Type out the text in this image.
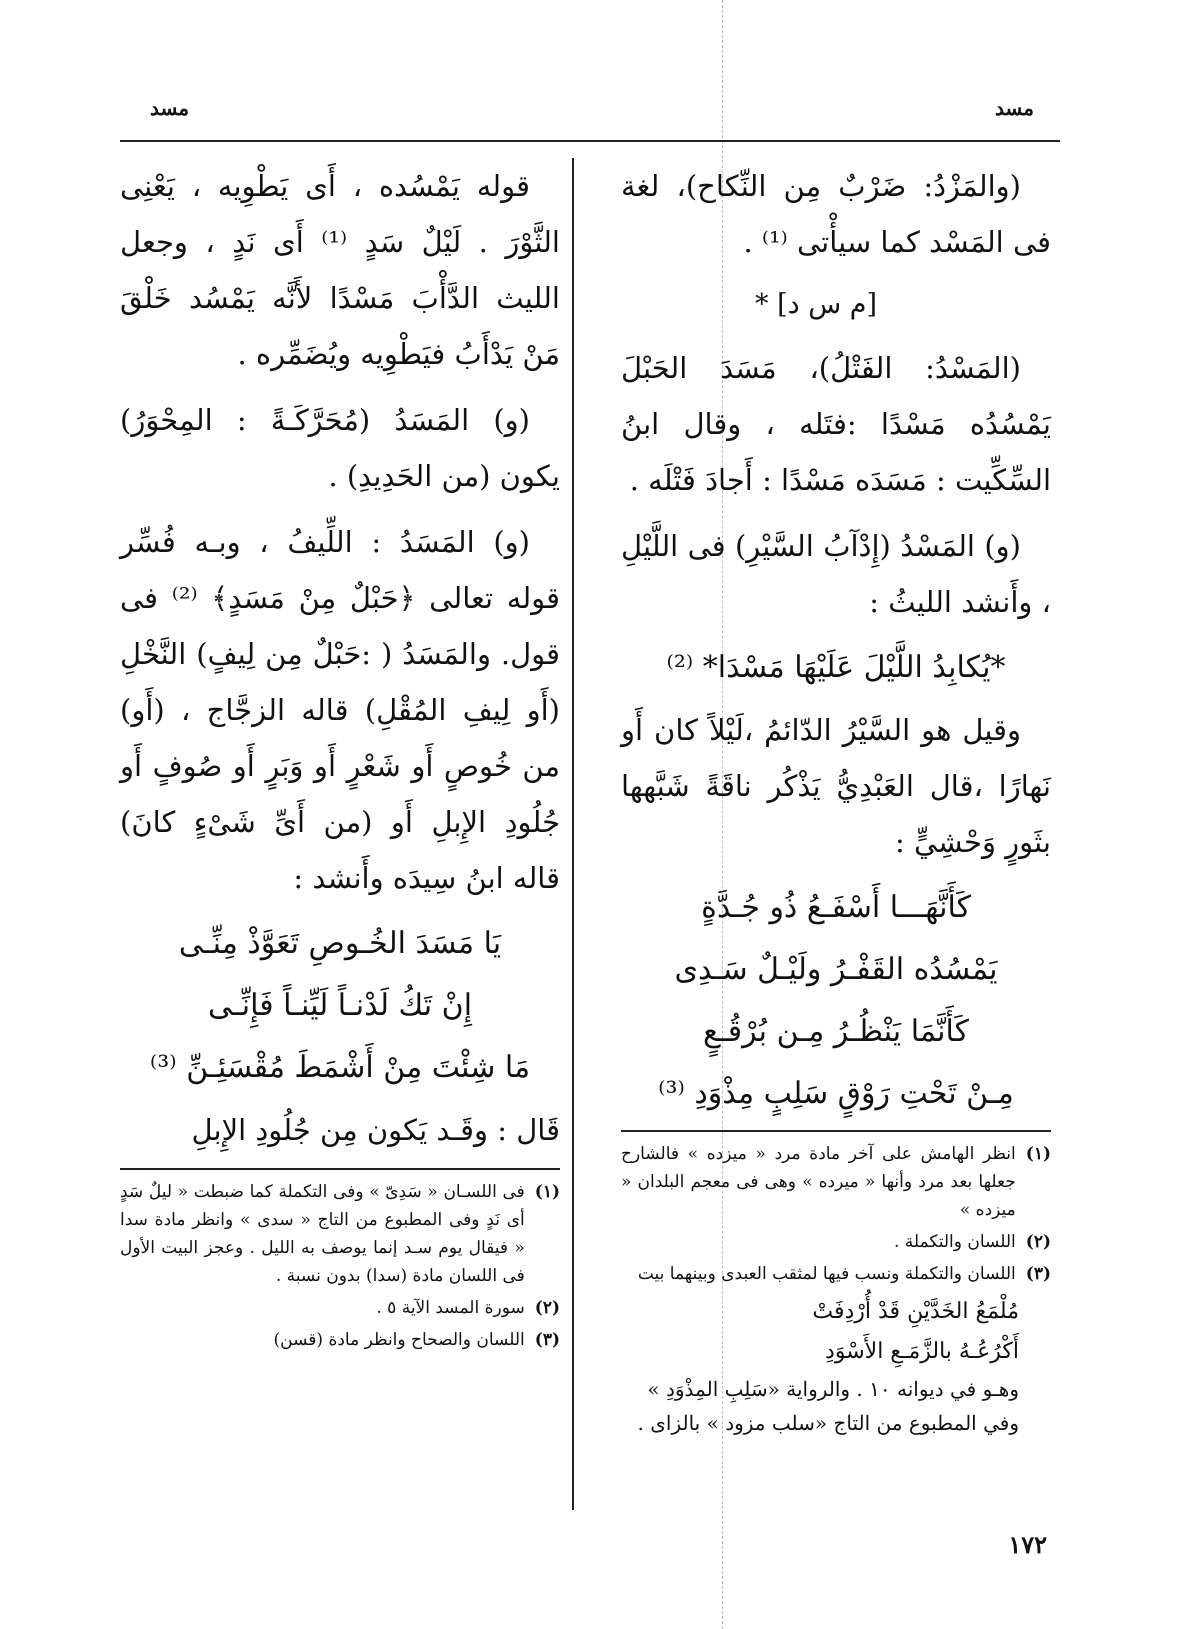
مسد
مسد

(والمَزْدُ: ضَرْبٌ مِن النِّكاح)، لغة فى المَسْد كما سيأْتى ⁽¹⁾ .

[م س د] *

(المَسْدُ: الفَتْلُ)، مَسَدَ الحَبْلَ يَمْسُدُه مَسْدًا :فتَله ، وقال ابنُ السِّكِّيت : مَسَدَه مَسْدًا : أَجادَ فَتْلَه .

(و) المَسْدُ (إِدْآبُ السَّيْرِ) فى اللَّيْلِ ، وأَنشد الليثُ :

*يُكابِدُ اللَّيْلَ عَلَيْهَا مَسْدَا* ⁽²⁾

وقيل هو السَّيْرُ الدّائمُ ،لَيْلاً كان أَو نَهارًا ،قال العَبْدِيُّ يَذْكُر ناقَةً شَبَّهها بثَورٍ وَحْشِيٍّ :

كَأَنَّهَـــا أَسْفَـعُ ذُو جُـدَّةٍ

يَمْسُدُه القَفْـرُ ولَيْـلٌ سَـدِى

كَأَنَّمَا يَنْظُـرُ مِـن بُرْقُـعٍ

مِـنْ تَحْتِ رَوْقٍ سَلِبٍ مِذْوَدِ ⁽³⁾

(١)
انظر الهامش على آخر مادة مرد « ميزده » فالشارح جعلها بعد مرد وأنها « ميرده » وهى فى معجم البلدان « ميزده »
(٢)
اللسان والتكملة .
(٣)
اللسان والتكملة ونسب فيها لمثقب العبدى وبينهما بيت

مُلْمَعُ الخَدَّيْنِ قَدْ أُرْدِفَتْ

أَكْرُعُـهُ بالزَّمَـعِ الأَسْوَدِ

وهـو في ديوانه ١٠ . والرواية «سَلِبِ المِذْوَدِ » وفي المطبوع من التاج «سلب مزود » بالزاى .

قوله يَمْسُده ، أَى يَطْوِيه ، يَعْنِى الثَّوْرَ . لَيْلٌ سَدٍ ⁽¹⁾ أَى نَدٍ ، وجعل الليث الدَّأْبَ مَسْدًا لأَنَّه يَمْسُد خَلْقَ مَنْ يَدْأَبُ فيَطْوِيه ويُضَمِّره .

(و) المَسَدُ (مُحَرَّكَـةً : المِحْوَرُ) يكون (من الحَدِيدِ) .

(و) المَسَدُ : اللِّيفُ ، وبـه فُسِّر قوله تعالى ﴿حَبْلٌ مِنْ مَسَدٍ﴾ ⁽²⁾ فى قول. والمَسَدُ ( :حَبْلٌ مِن لِيفٍ) النَّخْلِ (أَو لِيفِ المُقْلِ) قاله الزجَّاج ، (أَو) من خُوصٍ أَو شَعْرٍ أَو وَبَرٍ أَو صُوفٍ أَو جُلُودِ الإِبلِ أَو (من أَىِّ شَىْءٍ كانَ) قاله ابنُ سِيدَه وأَنشد :

يَا مَسَدَ الخُـوصِ تَعَوَّذْ مِنِّـى

إِنْ تَكُ لَدْنـاً لَيِّنـاً فَإِنِّـى

مَا شِئْتَ مِنْ أَشْمَطَ مُقْسَئِـنِّ ⁽³⁾

قَال : وقَـد يَكون مِن جُلُودِ الإِبلِ

(١)
فى اللسـان « سَدِىّ » وفى التكملة كما ضبطت « ليلٌ سَدٍ أى نَدٍ وفى المطبوع من التاج « سدى » وانظر مادة سدا « فيقال يوم سـد إنما يوصف به الليل . وعجز البيت الأول فى اللسان مادة (سدا) بدون نسبة .
(٢)
سورة المسد الآية ٥ .
(٣)
اللسان والصحاح وانظر مادة (قسن)
١٧٢
